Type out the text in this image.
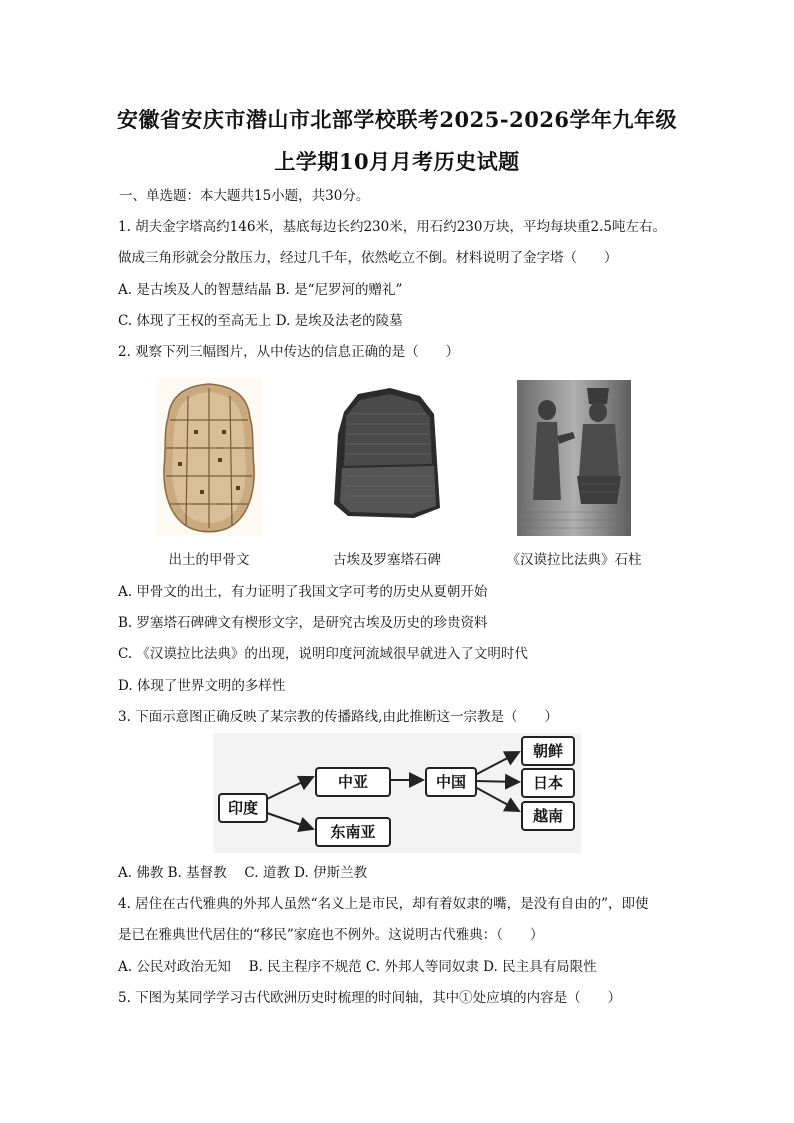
安徽省安庆市潜山市北部学校联考2025-2026学年九年级
上学期10月月考历史试题
一、单选题：本大题共15小题，共30分。
1. 胡夫金字塔高约146米，基底每边长约230米，用石约230万块，平均每块重2.5吨左右。
做成三角形就会分散压力，经过几千年，依然屹立不倒。材料说明了金字塔（　　）
A. 是古埃及人的智慧结晶 B. 是“尼罗河的赠礼”
C. 体现了王权的至高无上 D. 是埃及法老的陵墓
2. 观察下列三幅图片，从中传达的信息正确的是（　　）
出土的甲骨文	古埃及罗塞塔石碑	《汉谟拉比法典》石柱
A. 甲骨文的出土，有力证明了我国文字可考的历史从夏朝开始
B. 罗塞塔石碑碑文有楔形文字，是研究古埃及历史的珍贵资料
C. 《汉谟拉比法典》的出现，说明印度河流域很早就进入了文明时代
D. 体现了世界文明的多样性
3. 下面示意图正确反映了某宗教的传播路线,由此推断这一宗教是（　　）
印度
中亚
东南亚
中国
朝鲜
日本
越南
A. 佛教 B. 基督教　 C. 道教 D. 伊斯兰教
4. 居住在古代雅典的外邦人虽然“名义上是市民，却有着奴隶的嘴，是没有自由的”，即使
是已在雅典世代居住的“移民”家庭也不例外。这说明古代雅典：（　　）
A. 公民对政治无知　 B. 民主程序不规范 C. 外邦人等同奴隶 D. 民主具有局限性
5. 下图为某同学学习古代欧洲历史时梳理的时间轴，其中①处应填的内容是（　　）
